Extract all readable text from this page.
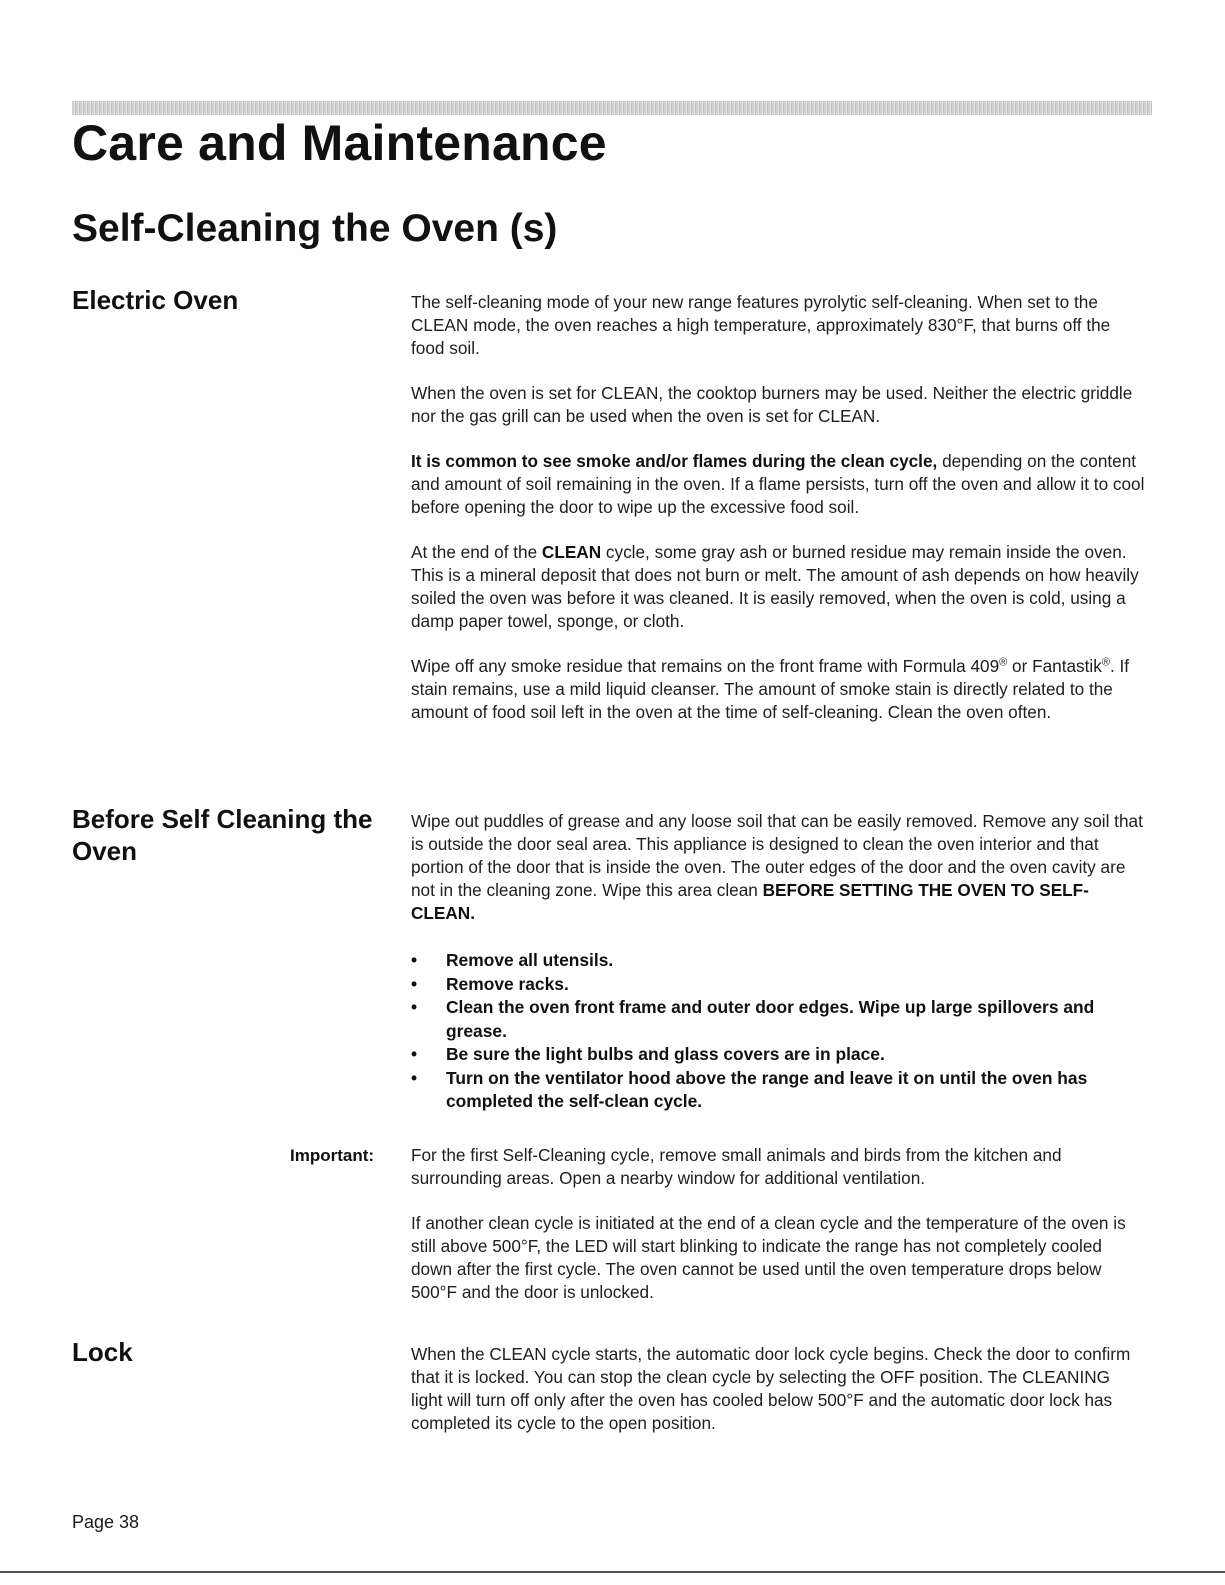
Care and Maintenance
Self-Cleaning the Oven (s)
Electric Oven	The self-cleaning mode of your new range features pyrolytic self-cleaning. When set to the CLEAN mode, the oven reaches a high temperature, approximately 830°F, that burns off the food soil.

When the oven is set for CLEAN, the cooktop burners may be used. Neither the electric griddle nor the gas grill can be used when the oven is set for CLEAN.

It is common to see smoke and/or flames during the clean cycle, depending on the content and amount of soil remaining in the oven. If a flame persists, turn off the oven and allow it to cool before opening the door to wipe up the excessive food soil.

At the end of the CLEAN cycle, some gray ash or burned residue may remain inside the oven. This is a mineral deposit that does not burn or melt. The amount of ash depends on how heavily soiled the oven was before it was cleaned. It is easily removed, when the oven is cold, using a damp paper towel, sponge, or cloth.

Wipe off any smoke residue that remains on the front frame with Formula 409® or Fantastik®. If stain remains, use a mild liquid cleanser. The amount of smoke stain is directly related to the amount of food soil left in the oven at the time of self-cleaning. Clean the oven often.

Before Self Cleaning the Oven

Wipe out puddles of grease and any loose soil that can be easily removed. Remove any soil that is outside the door seal area. This appliance is designed to clean the oven interior and that portion of the door that is inside the oven. The outer edges of the door and the oven cavity are not in the cleaning zone. Wipe this area clean BEFORE SETTING THE OVEN TO SELF-CLEAN.

• Remove all utensils.
• Remove racks.
• Clean the oven front frame and outer door edges. Wipe up large spillovers and grease.
• Be sure the light bulbs and glass covers are in place.
• Turn on the ventilator hood above the range and leave it on until the oven has completed the self-clean cycle.
Important: For the first Self-Cleaning cycle, remove small animals and birds from the kitchen and surrounding areas. Open a nearby window for additional ventilation.

If another clean cycle is initiated at the end of a clean cycle and the temperature of the oven is still above 500°F, the LED will start blinking to indicate the range has not completely cooled down after the first cycle. The oven cannot be used until the oven temperature drops below 500°F and the door is unlocked.

Lock	When the CLEAN cycle starts, the automatic door lock cycle begins. Check the door to confirm that it is locked. You can stop the clean cycle by selecting the OFF position. The CLEANING light will turn off only after the oven has cooled below 500°F and the automatic door lock has completed its cycle to the open position.

Page 38
